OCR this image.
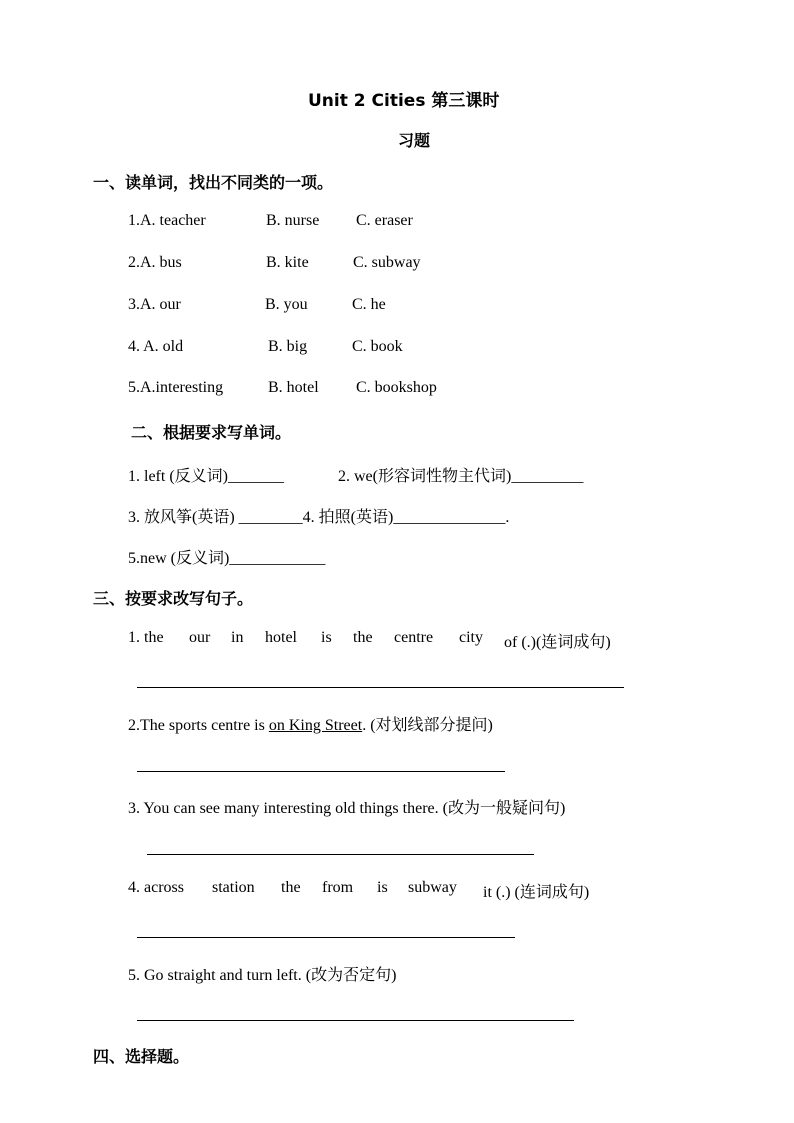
Unit 2 Cities 第三课时
习题
一、读单词，找出不同类的一项。
1.A. teacher	B. nurse C. eraser
2.A. bus	B. kite	C. subway
3.A. our	B. you	C. he
4. A. old	B. big	C. book
5.A.interesting	B. hotel C. bookshop
二、根据要求写单词。
1. left (反义词)_______	2. we(形容词性物主代词)_________
3. 放风筝(英语) ________4. 拍照(英语)______________.
5.new (反义词)____________
三、按要求改写句子。
1. the our in hotel is the centre city of (.)(连词成句)
2.The sports centre is on King Street. (对划线部分提问)
3. You can see many interesting old things there. (改为一般疑问句)
4. across station the from is subway it (.) (连词成句)
5. Go straight and turn left. (改为否定句)
四、选择题。
